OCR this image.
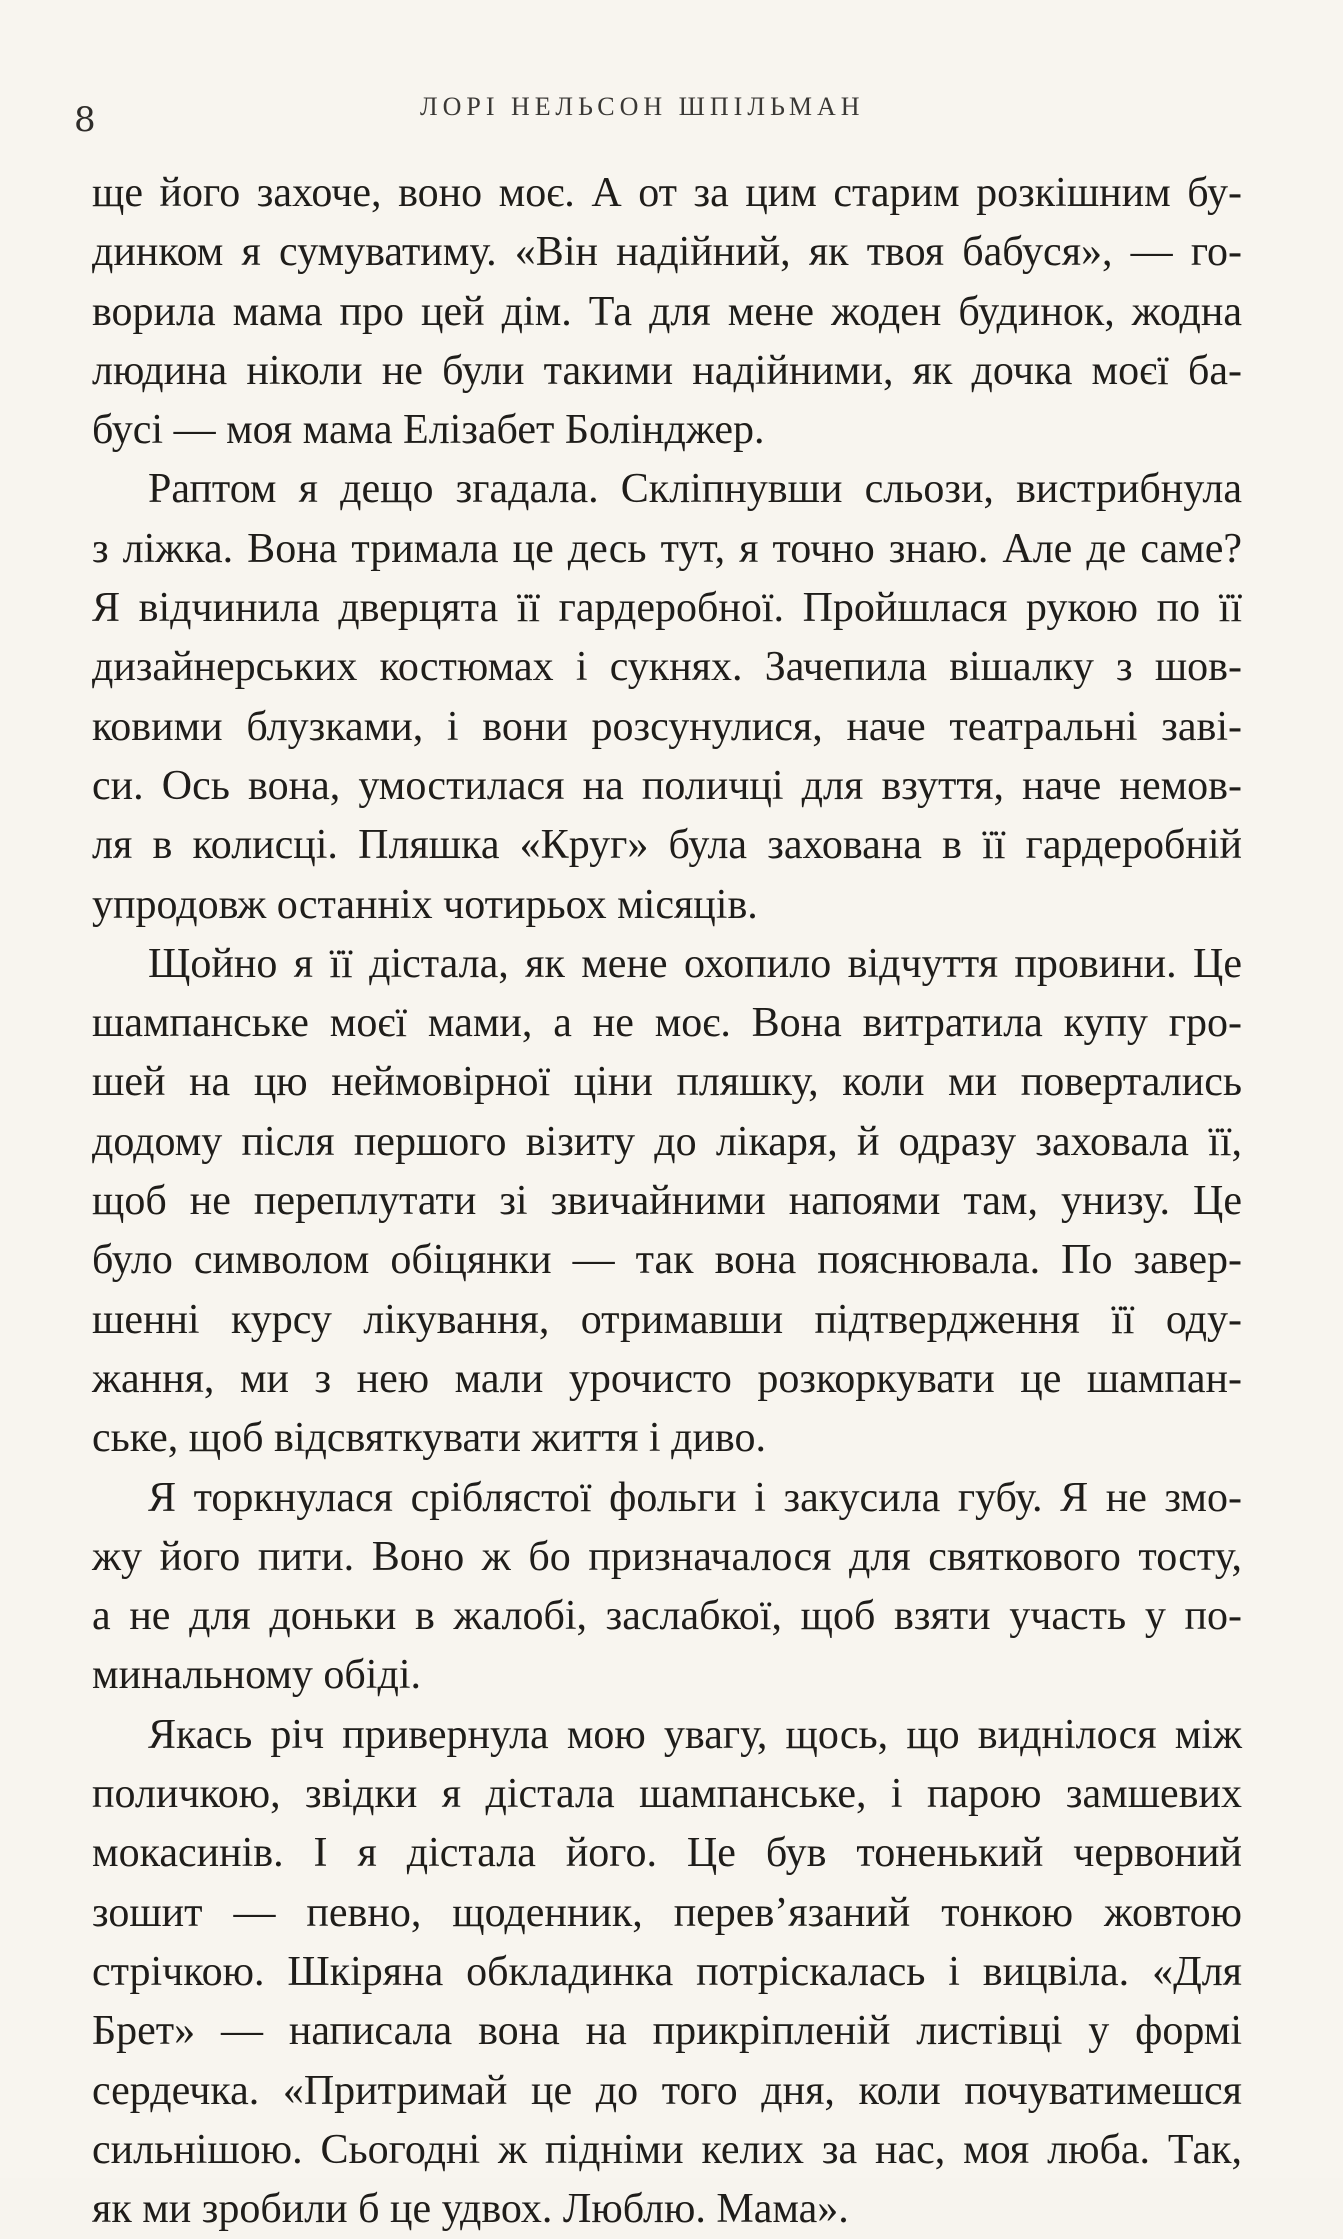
8	ЛОРІ НЕЛЬСОН ШПІЛЬМАН
ще його захоче, воно моє. А от за цим старим розкішним бу-
динком я сумуватиму. «Він надійний, як твоя бабуся», — го-
ворила мама про цей дім. Та для мене жоден будинок, жодна
людина ніколи не були такими надійними, як дочка моєї ба-
бусі — моя мама Елізабет Болінджер.
Раптом я дещо згадала. Скліпнувши сльози, вистрибнула
з ліжка. Вона тримала це десь тут, я точно знаю. Але де саме?
Я відчинила дверцята її гардеробної. Пройшлася рукою по її
дизайнерських костюмах і сукнях. Зачепила вішалку з шов-
ковими блузками, і вони розсунулися, наче театральні заві-
си. Ось вона, умостилася на поличці для взуття, наче немов-
ля в колисці. Пляшка «Круг» була захована в її гардеробній
упродовж останніх чотирьох місяців.
Щойно я її дістала, як мене охопило відчуття провини. Це
шампанське моєї мами, а не моє. Вона витратила купу гро-
шей на цю неймовірної ціни пляшку, коли ми повертались
додому після першого візиту до лікаря, й одразу заховала її,
щоб не переплутати зі звичайними напоями там, унизу. Це
було символом обіцянки — так вона пояснювала. По завер-
шенні курсу лікування, отримавши підтвердження її оду-
жання, ми з нею мали урочисто розкоркувати це шампан-
ське, щоб відсвяткувати життя і диво.
Я торкнулася сріблястої фольги і закусила губу. Я не змо-
жу його пити. Воно ж бо призначалося для святкового тосту,
а не для доньки в жалобі, заслабкої, щоб взяти участь у по-
минальному обіді.
Якась річ привернула мою увагу, щось, що виднілося між
поличкою, звідки я дістала шампанське, і парою замшевих
мокасинів. І я дістала його. Це був тоненький червоний
зошит — певно, щоденник, перев’язаний тонкою жовтою
стрічкою. Шкіряна обкладинка потріскалась і вицвіла. «Для
Брет» — написала вона на прикріпленій листівці у формі
сердечка. «Притримай це до того дня, коли почуватимешся
сильнішою. Сьогодні ж підніми келих за нас, моя люба. Так,
як ми зробили б це удвох. Люблю. Мама».
